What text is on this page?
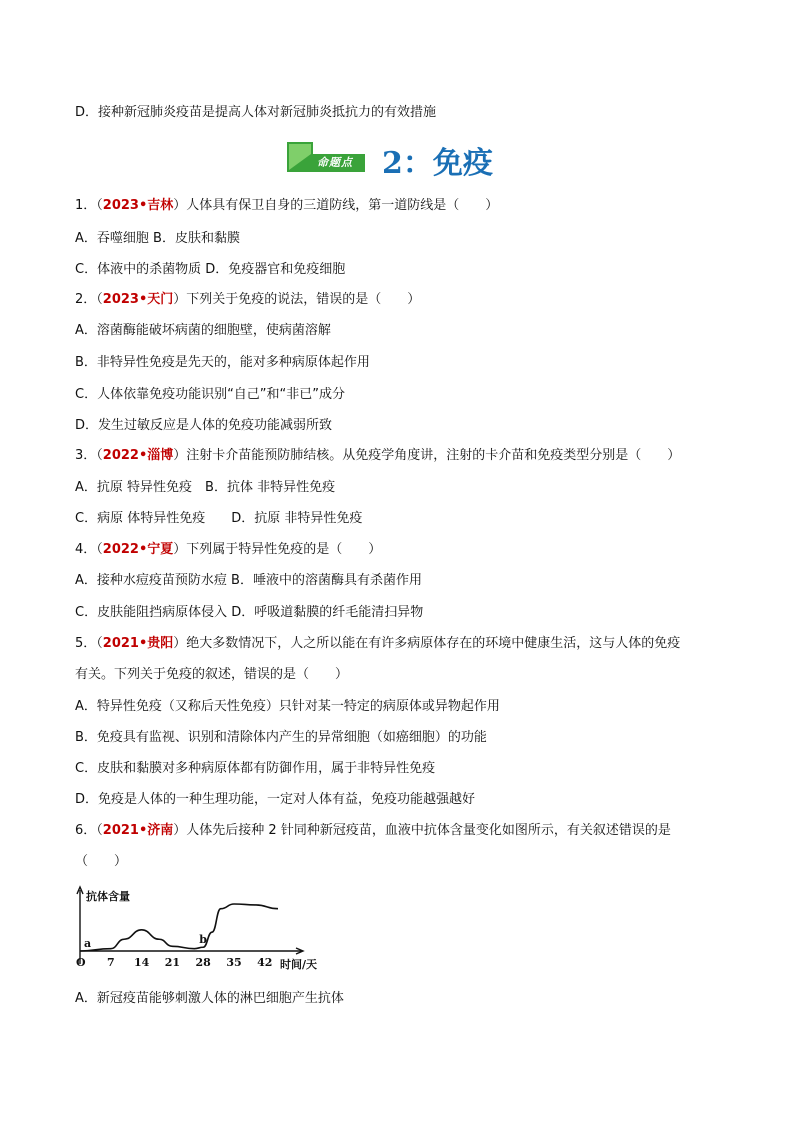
D．接种新冠肺炎疫苗是提高人体对新冠肺炎抵抗力的有效措施
命题点 2：免疫
1．（2023•吉林）人体具有保卫自身的三道防线，第一道防线是（　　）
A．吞噬细胞 B．皮肤和黏膜
C．体液中的杀菌物质 D．免疫器官和免疫细胞
2．（2023•天门）下列关于免疫的说法，错误的是（　　）
A．溶菌酶能破坏病菌的细胞壁，使病菌溶解
B．非特异性免疫是先天的，能对多种病原体起作用
C．人体依靠免疫功能识别“自己”和“非已”成分
D．发生过敏反应是人体的免疫功能减弱所致
3．（2022•淄博）注射卡介苗能预防肺结核。从免疫学角度讲，注射的卡介苗和免疫类型分别是（　　）
A．抗原 特异性免疫　B．抗体 非特异性免疫
C．病原 体特异性免疫　　D．抗原 非特异性免疫
4．（2022•宁夏）下列属于特异性免疫的是（　　）
A．接种水痘疫苗预防水痘 B．唾液中的溶菌酶具有杀菌作用
C．皮肤能阻挡病原体侵入 D．呼吸道黏膜的纤毛能清扫异物
5．（2021•贵阳）绝大多数情况下，人之所以能在有许多病原体存在的环境中健康生活，这与人体的免疫
有关。下列关于免疫的叙述，错误的是（　　）
A．特异性免疫（又称后天性免疫）只针对某一特定的病原体或异物起作用
B．免疫具有监视、识别和清除体内产生的异常细胞（如癌细胞）的功能
C．皮肤和黏膜对多种病原体都有防御作用，属于非特异性免疫
D．免疫是人体的一种生理功能，一定对人体有益，免疫功能越强越好
6．（2021•济南）人体先后接种 2 针同种新冠疫苗，血液中抗体含量变化如图所示，有关叙述错误的是
（　　）
抗体含量
O	时间/天
7 14 21 28 35 42
a	b
A．新冠疫苗能够刺激人体的淋巴细胞产生抗体
